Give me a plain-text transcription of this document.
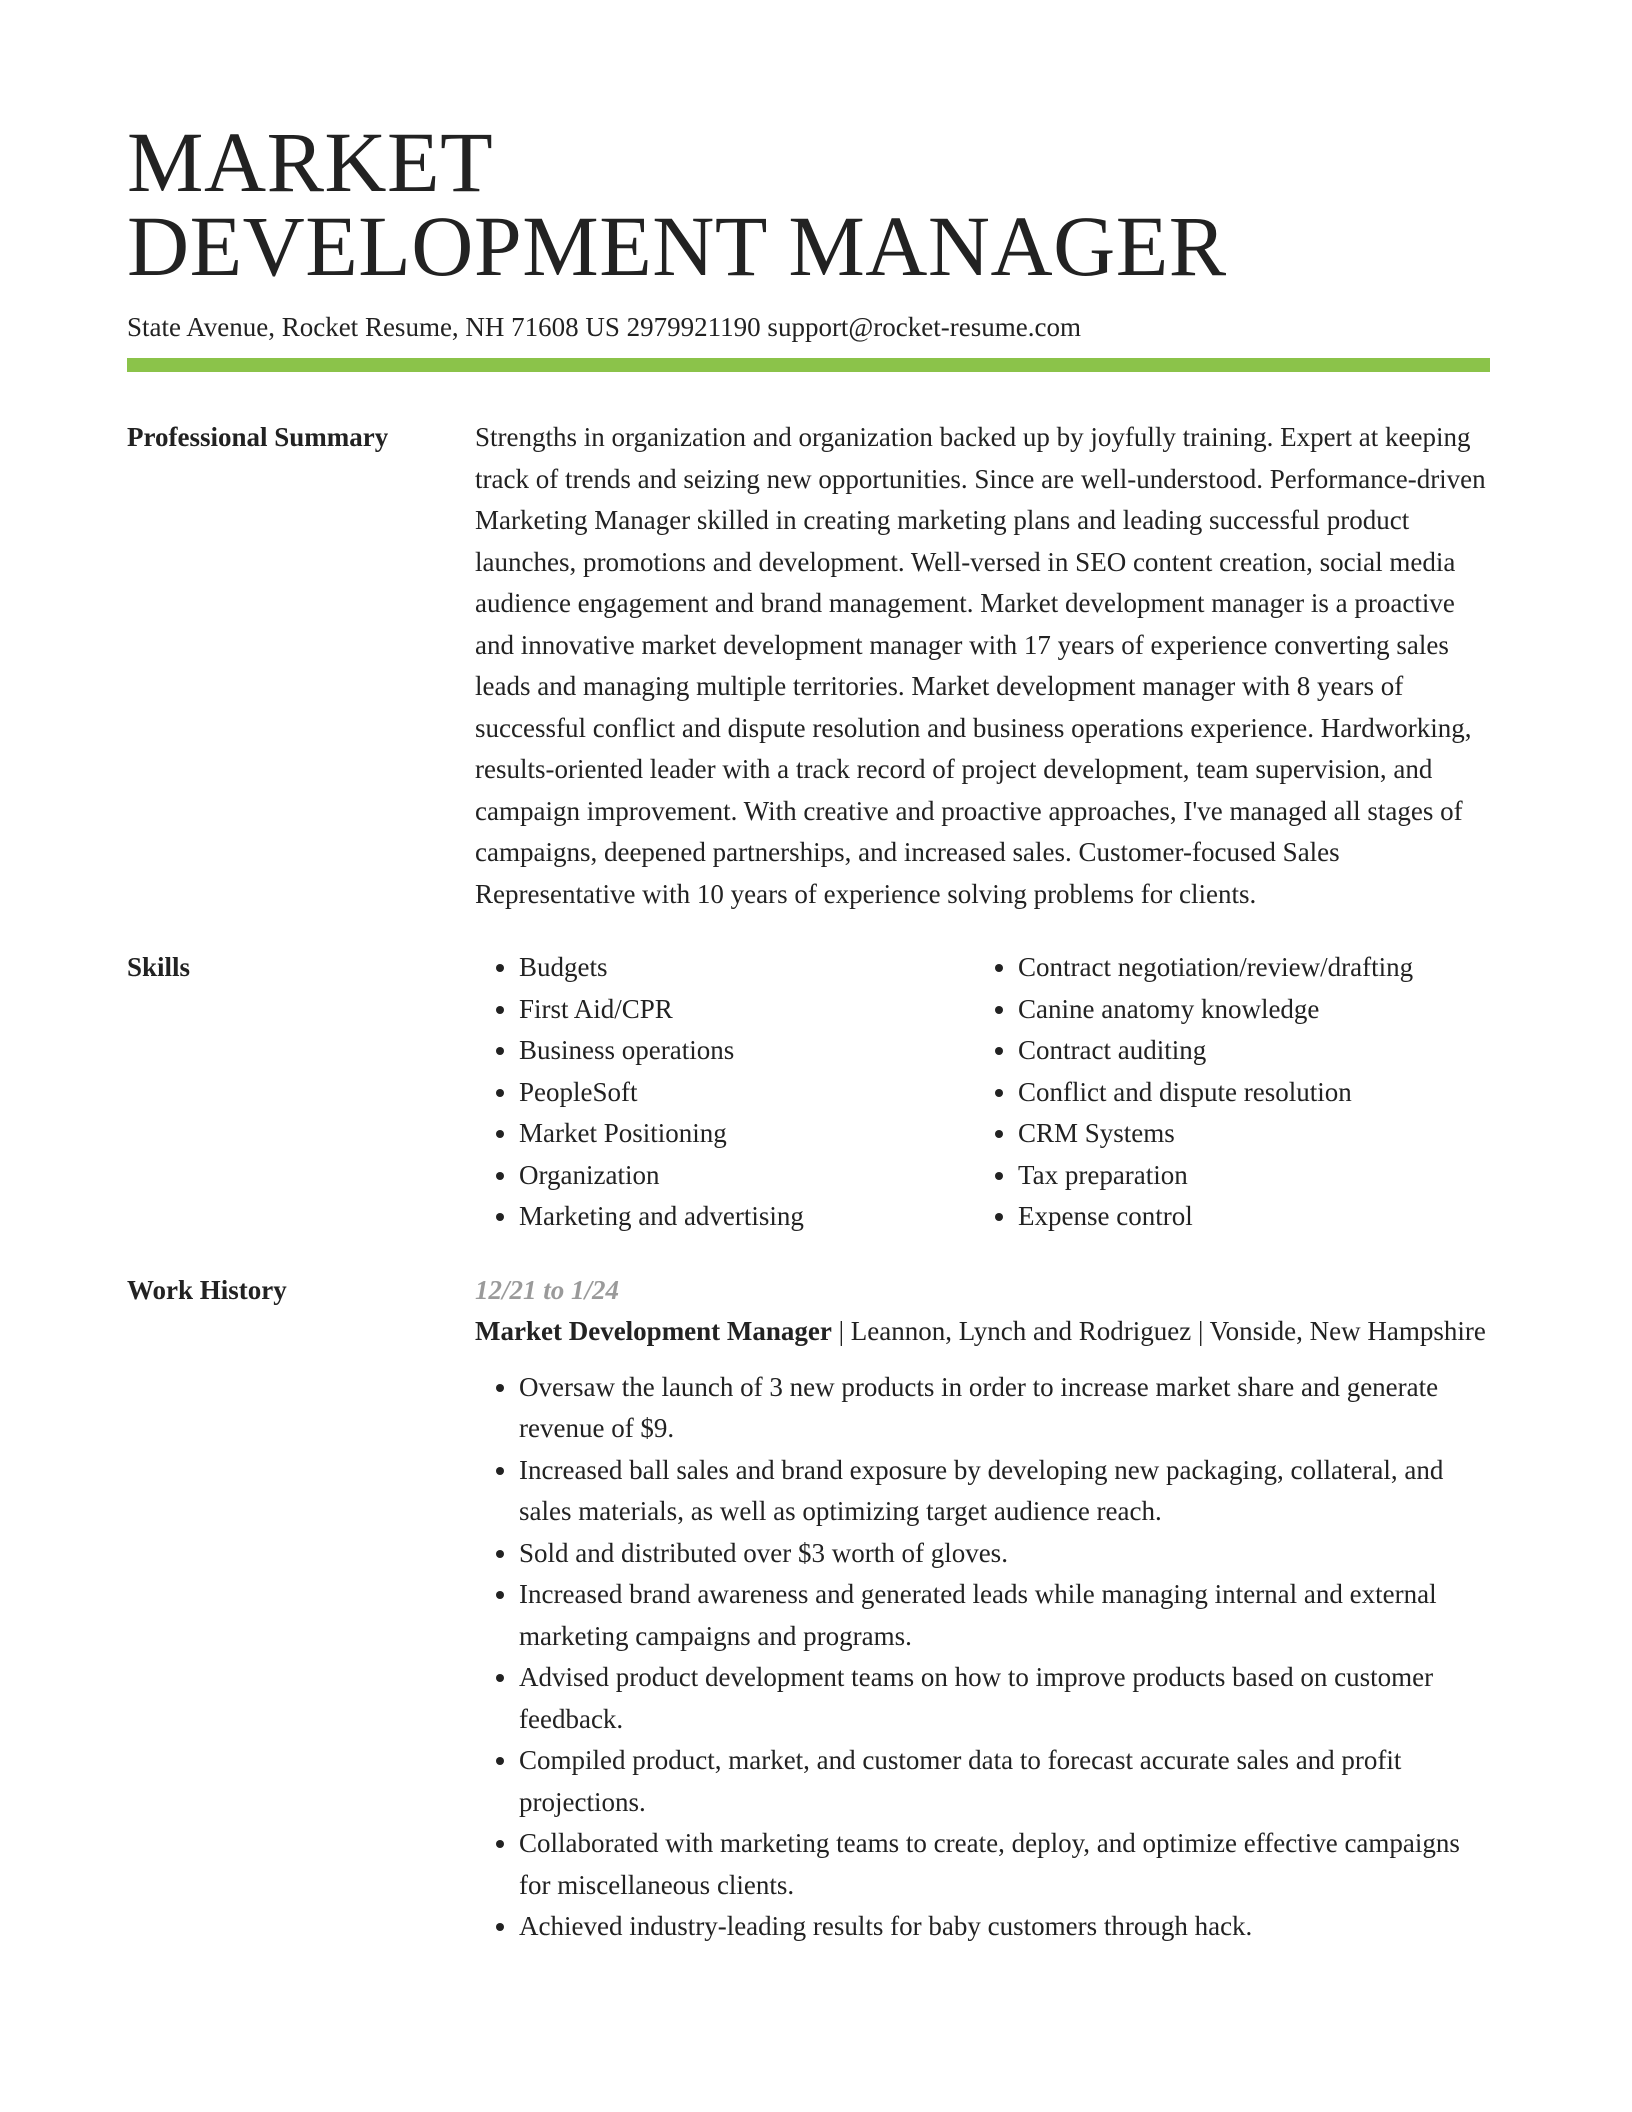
MARKET
DEVELOPMENT MANAGER
State Avenue, Rocket Resume, NH 71608 US 2979921190 support@rocket-resume.com
Professional Summary	Strengths in organization and organization backed up by joyfully training. Expert at keeping track of trends and seizing new opportunities. Since are well-understood. Performance-driven Marketing Manager skilled in creating marketing plans and leading successful product launches, promotions and development. Well-versed in SEO content creation, social media audience engagement and brand management. Market development manager is a proactive and innovative market development manager with 17 years of experience converting sales leads and managing multiple territories. Market development manager with 8 years of successful conflict and dispute resolution and business operations experience. Hardworking, results-oriented leader with a track record of project development, team supervision, and campaign improvement. With creative and proactive approaches, I've managed all stages of campaigns, deepened partnerships, and increased sales. Customer-focused Sales Representative with 10 years of experience solving problems for clients.
Skills
•	Budgets
• First Aid/CPR
• Business operations
• PeopleSoft
• Market Positioning
• Organization
• Marketing and advertising
• Contract negotiation/review/drafting
• Canine anatomy knowledge
• Contract auditing
• Conflict and dispute resolution
• CRM Systems
• Tax preparation
• Expense control
Work History	12/21 to 1/24
Market Development Manager | Leannon, Lynch and Rodriguez | Vonside, New Hampshire
• Oversaw the launch of 3 new products in order to increase market share and generate revenue of $9.
• Increased ball sales and brand exposure by developing new packaging, collateral, and sales materials, as well as optimizing target audience reach.
• Sold and distributed over $3 worth of gloves.
• Increased brand awareness and generated leads while managing internal and external marketing campaigns and programs.
• Advised product development teams on how to improve products based on customer feedback.
• Compiled product, market, and customer data to forecast accurate sales and profit projections.
• Collaborated with marketing teams to create, deploy, and optimize effective campaigns for miscellaneous clients.
• Achieved industry-leading results for baby customers through hack.
